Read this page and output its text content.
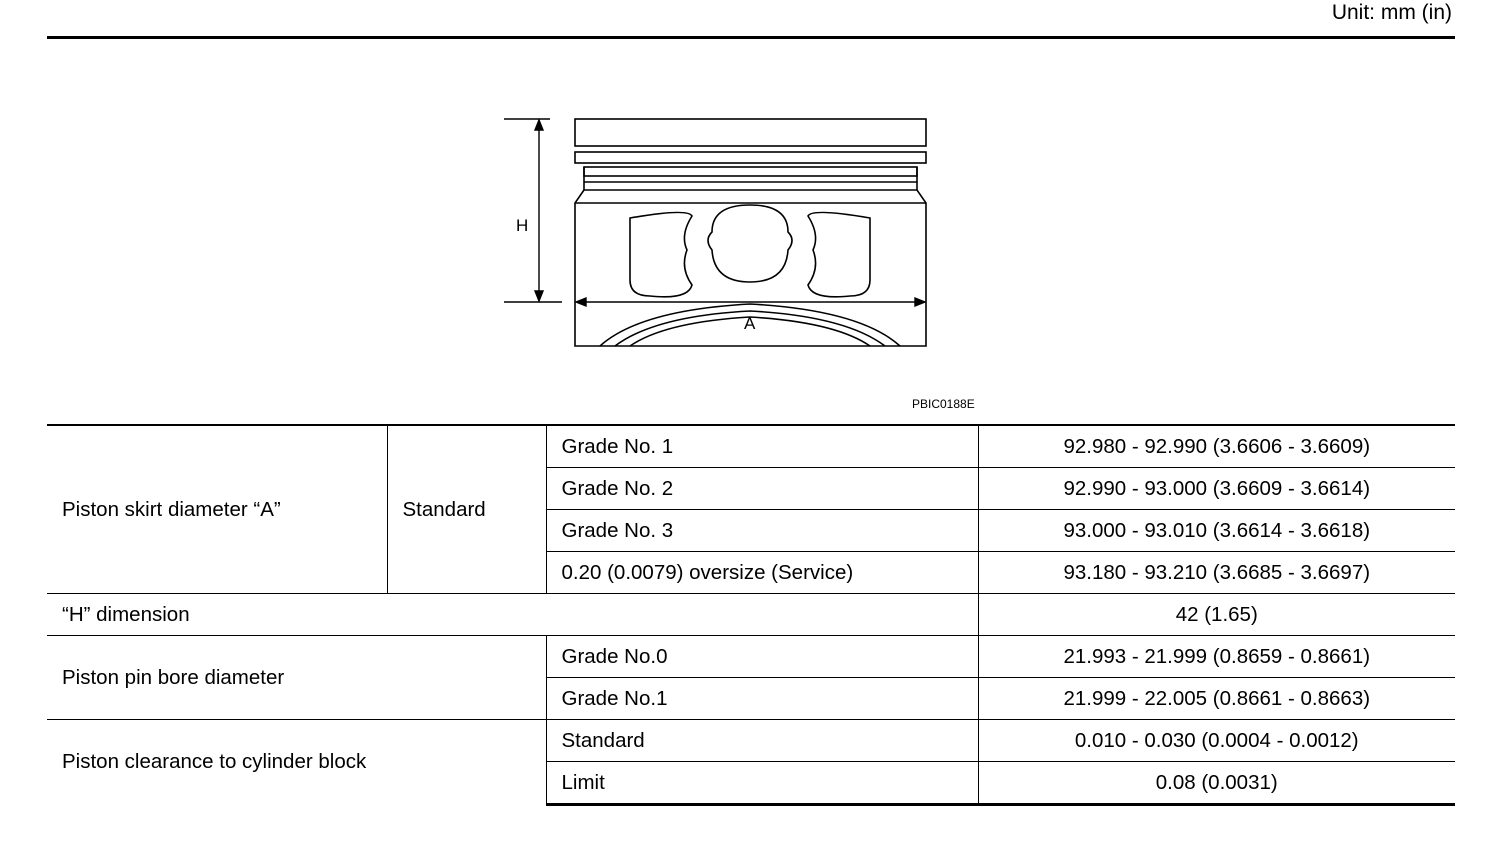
Unit: mm (in)
H
A
PBIC0188E
Piston skirt diameter “A”	Standard	Grade No. 1	92.980 - 92.990 (3.6606 - 3.6609)
		Grade No. 2	92.990 - 93.000 (3.6609 - 3.6614)
		Grade No. 3	93.000 - 93.010 (3.6614 - 3.6618)
		0.20 (0.0079) oversize (Service)	93.180 - 93.210 (3.6685 - 3.6697)
“H” dimension			42 (1.65)
Piston pin bore diameter		Grade No.0	21.993 - 21.999 (0.8659 - 0.8661)
		Grade No.1	21.999 - 22.005 (0.8661 - 0.8663)
Piston clearance to cylinder block		Standard	0.010 - 0.030 (0.0004 - 0.0012)
		Limit	0.08 (0.0031)
